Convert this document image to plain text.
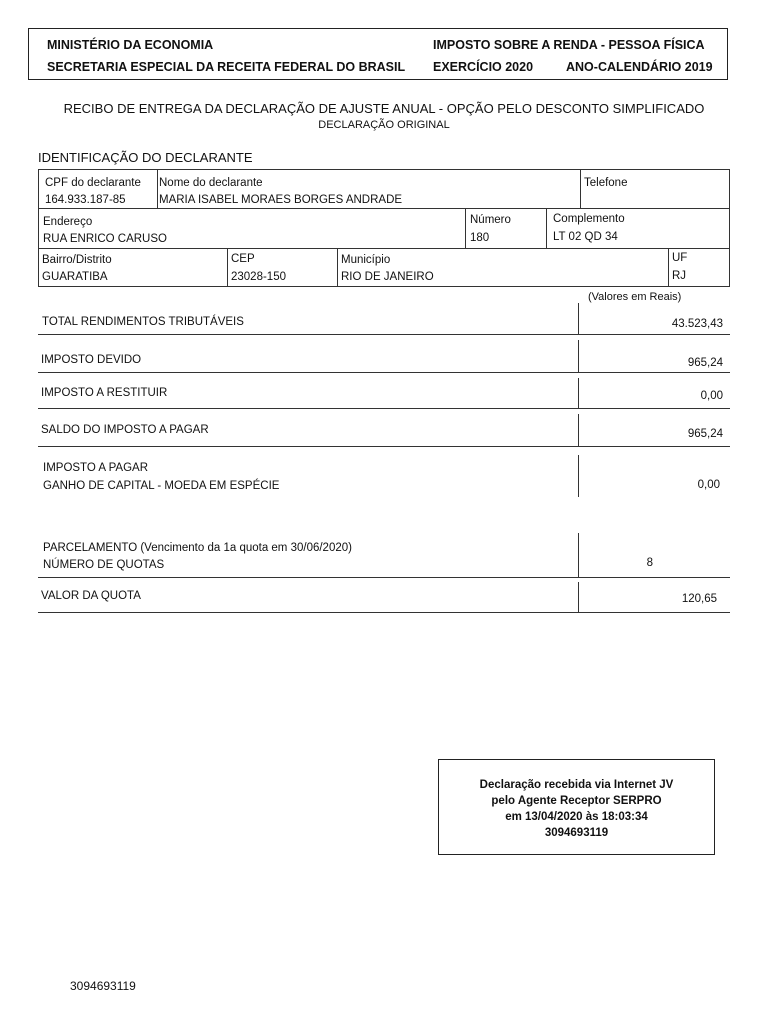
MINISTÉRIO DA ECONOMIA
SECRETARIA ESPECIAL DA RECEITA FEDERAL DO BRASIL
IMPOSTO SOBRE A RENDA - PESSOA FÍSICA
EXERCÍCIO 2020	ANO-CALENDÁRIO 2019
RECIBO DE ENTREGA DA DECLARAÇÃO DE AJUSTE ANUAL - OPÇÃO PELO DESCONTO SIMPLIFICADO
DECLARAÇÃO ORIGINAL
IDENTIFICAÇÃO DO DECLARANTE
CPF do declarante
164.933.187-85
Nome do declarante
MARIA ISABEL MORAES BORGES ANDRADE
Telefone
Endereço
RUA ENRICO CARUSO
Número
180
Complemento
LT 02 QD 34
Bairro/Distrito
GUARATIBA
CEP
23028-150
Município
RIO DE JANEIRO
UF
RJ
(Valores em Reais)
TOTAL RENDIMENTOS TRIBUTÁVEIS	43.523,43
IMPOSTO DEVIDO	965,24
IMPOSTO A RESTITUIR	0,00
SALDO DO IMPOSTO A PAGAR	965,24
IMPOSTO A PAGAR
GANHO DE CAPITAL - MOEDA EM ESPÉCIE	0,00
PARCELAMENTO (Vencimento da 1a quota em 30/06/2020)
NÚMERO DE QUOTAS	8
VALOR DA QUOTA	120,65
Declaração recebida via Internet JV
pelo Agente Receptor SERPRO
em 13/04/2020 às 18:03:34
3094693119
3094693119
